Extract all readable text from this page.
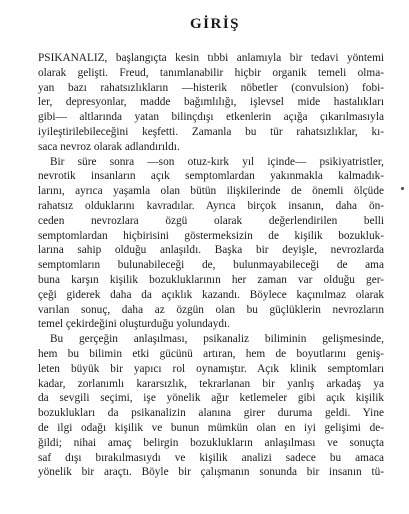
GİRİŞ

PSIKANALIZ, başlangıçta kesin tıbbi anlamıyla bir tedavi yöntemi
olarak gelişti. Freud, tanımlanabilir hiçbir organik temeli olma-
yan bazı rahatsızlıkların —histerik nöbetler (convulsion) fobi-
ler, depresyonlar, madde bağımlılığı, işlevsel mide hastalıkları
gibi— altlarında yatan bilinçdışı etkenlerin açığa çıkarılmasıyla
iyileştirilebileceğini keşfetti. Zamanla bu tür rahatsızlıklar, kı-
saca nevroz olarak adlandırıldı.

Bir süre sonra —son otuz-kırk yıl içinde— psikiyatristler,
nevrotik insanların açık semptomlardan yakınmakla kalmadık-
larını, ayrıca yaşamla olan bütün ilişkilerinde de önemli ölçüde
rahatsız olduklarını kavradılar. Ayrıca birçok insanın, daha ön-
ceden nevrozlara özgü olarak değerlendirilen belli
semptomlardan hiçbirisini göstermeksizin de kişilik bozukluk-
larına sahip olduğu anlaşıldı. Başka bir deyişle, nevrozlarda
semptomların bulunabileceği de, bulunmayabileceği de ama
buna karşın kişilik bozukluklarının her zaman var olduğu ger-
çeği giderek daha da açıklık kazandı. Böylece kaçınılmaz olarak
varılan sonuç, daha az özgün olan bu güçlüklerin nevrozların
temel çekirdeğini oluşturduğu yolundaydı.

Bu gerçeğin anlaşılması, psikanaliz biliminin gelişmesinde,
hem bu bilimin etki gücünü artıran, hem de boyutlarını geniş-
leten büyük bir yapıcı rol oynamıştır. Açık klinik semptomları
kadar, zorlanımlı kararsızlık, tekrarlanan bir yanlış arkadaş ya
da sevgili seçimi, işe yönelik ağır ketlemeler gibi açık kişilik
bozuklukları da psikanalizin alanına girer duruma geldi. Yine
de ilgi odağı kişilik ve bunun mümkün olan en iyi gelişimi de-
ğildi; nihai amaç belirgin bozuklukların anlaşılması ve sonuçta
saf dışı bırakılmasıydı ve kişilik analizi sadece bu amaca
yönelik bir araçtı. Böyle bir çalışmanın sonunda bir insanın tü-
